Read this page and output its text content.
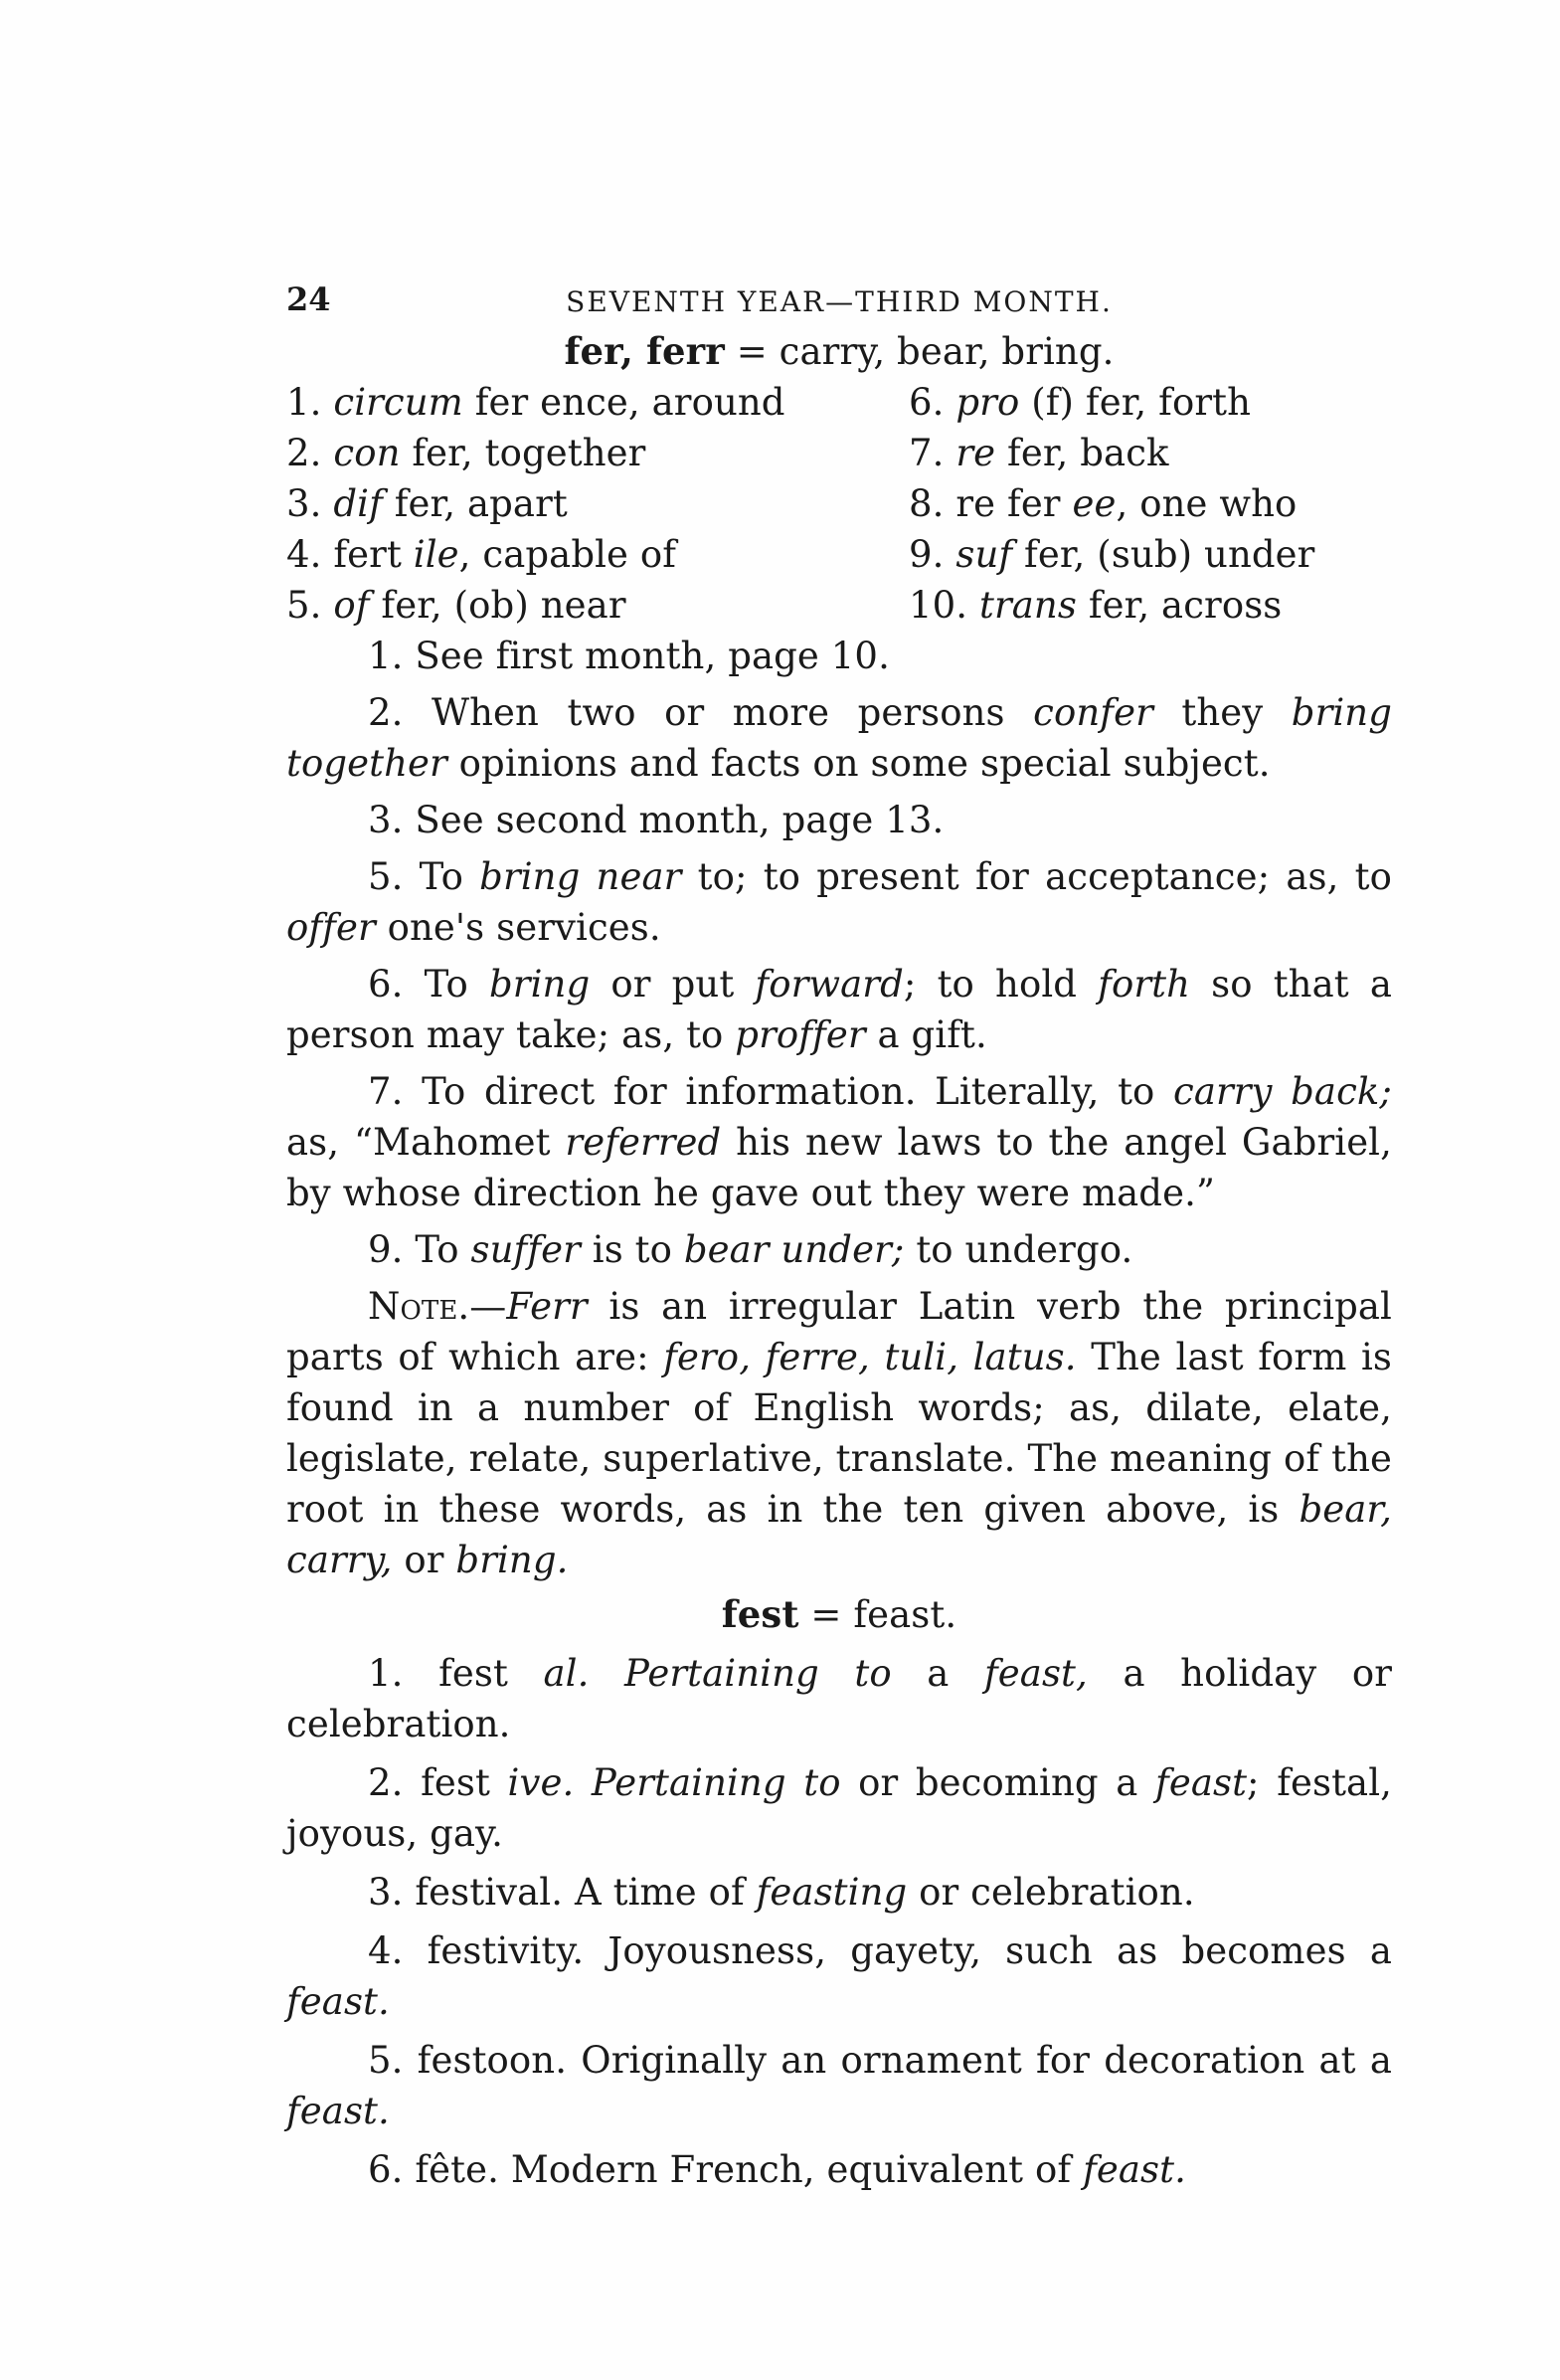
24	SEVENTH YEAR—THIRD MONTH.

fer, ferr = carry, bear, bring.

1. circum fer ence, around
2. con fer, together
3. dif fer, apart
4. fert ile, capable of
5. of fer, (ob) near
6. pro (f) fer, forth
7. re fer, back
8. re fer ee, one who
9. suf fer, (sub) under
10. trans fer, across

1. See first month, page 10.

2. When two or more persons confer they bring together opinions and facts on some special subject.

3. See second month, page 13.

5. To bring near to; to present for acceptance; as, to offer one's services.

6. To bring or put forward; to hold forth so that a person may take; as, to proffer a gift.

7. To direct for information. Literally, to carry back; as, “Mahomet referred his new laws to the angel Gabriel, by whose direction he gave out they were made.”

9. To suffer is to bear under; to undergo.

Note.—Ferr is an irregular Latin verb the principal parts of which are: fero, ferre, tuli, latus. The last form is found in a number of English words; as, dilate, elate, legislate, relate, superlative, translate. The meaning of the root in these words, as in the ten given above, is bear, carry, or bring.

fest = feast.

1. fest al. Pertaining to a feast, a holiday or celebration.

2. fest ive. Pertaining to or becoming a feast; festal, joyous, gay.

3. festival. A time of feasting or celebration.

4. festivity. Joyousness, gayety, such as becomes a feast.

5. festoon. Originally an ornament for decoration at a feast.

6. fête. Modern French, equivalent of feast.
